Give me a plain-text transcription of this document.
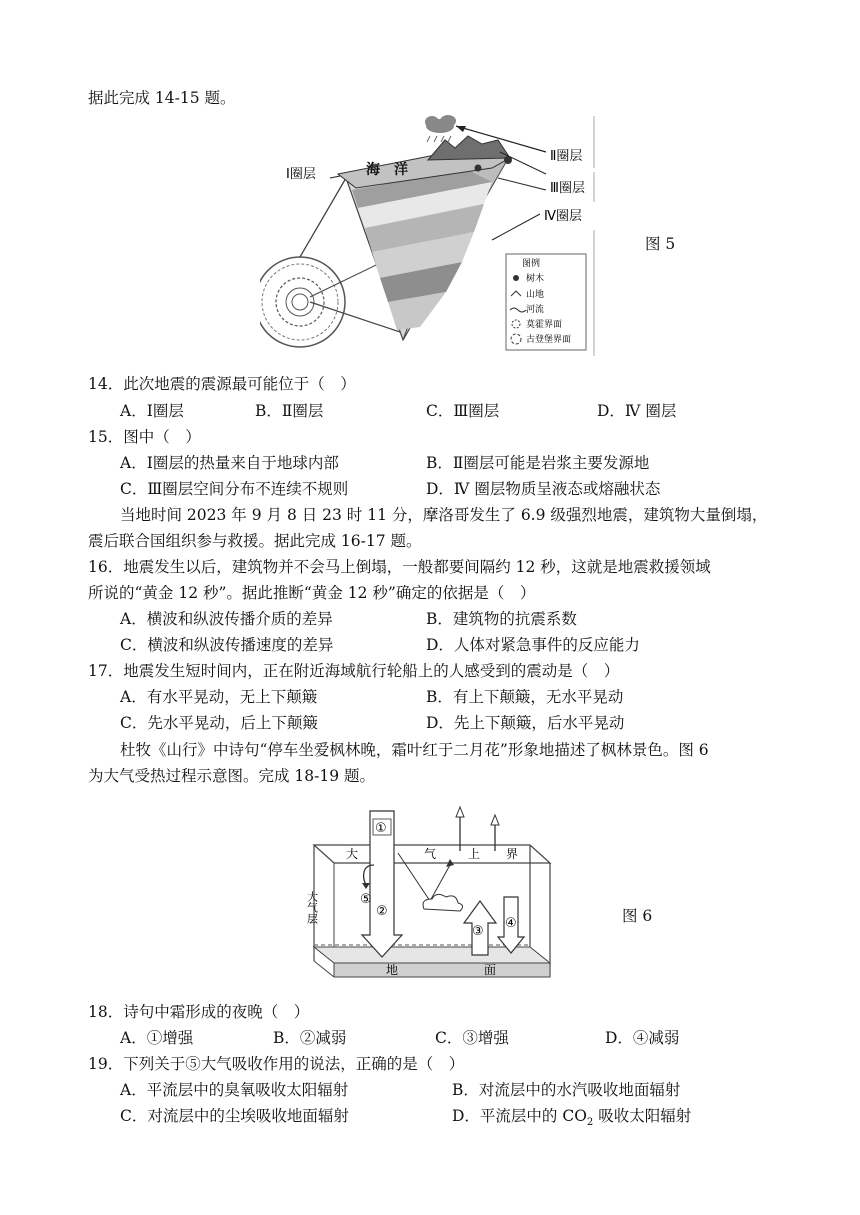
据此完成 14-15 题。
海　洋
Ⅰ圈层
Ⅱ圈层
Ⅲ圈层
Ⅳ圈层
图例
树木
山地
河流
莫霍界面
古登堡界面
图 5
14．此次地震的震源最可能位于（　）
A．Ⅰ圈层	B．Ⅱ圈层	C．Ⅲ圈层	D．Ⅳ 圈层
15．图中（　）
A．Ⅰ圈层的热量来自于地球内部	B．Ⅱ圈层可能是岩浆主要发源地
C．Ⅲ圈层空间分布不连续不规则	D．Ⅳ 圈层物质呈液态或熔融状态
当地时间 2023 年 9 月 8 日 23 时 11 分，摩洛哥发生了 6.9 级强烈地震，建筑物大量倒塌，
震后联合国组织参与救援。据此完成 16-17 题。
16．地震发生以后，建筑物并不会马上倒塌，一般都要间隔约 12 秒，这就是地震救援领域
所说的“黄金 12 秒”。据此推断“黄金 12 秒”确定的依据是（　）
A．横波和纵波传播介质的差异	B．建筑物的抗震系数
C．横波和纵波传播速度的差异	D．人体对紧急事件的反应能力
17．地震发生短时间内，正在附近海域航行轮船上的人感受到的震动是（　）
A．有水平晃动，无上下颠簸	B．有上下颠簸，无水平晃动
C．先水平晃动，后上下颠簸	D．先上下颠簸，后水平晃动
杜牧《山行》中诗句“停车坐爱枫林晚，霜叶红于二月花”形象地描述了枫林景色。图 6
为大气受热过程示意图。完成 18-19 题。
①
②
③
④
⑤
大	气	上 界
大气层
地	面
图 6
18．诗句中霜形成的夜晚（　）
A．①增强	B．②减弱	C．③增强	D．④减弱
19．下列关于⑤大气吸收作用的说法，正确的是（　）
A．平流层中的臭氧吸收太阳辐射	B．对流层中的水汽吸收地面辐射
C．对流层中的尘埃吸收地面辐射	D．平流层中的 $CO_2$ 吸收太阳辐射
